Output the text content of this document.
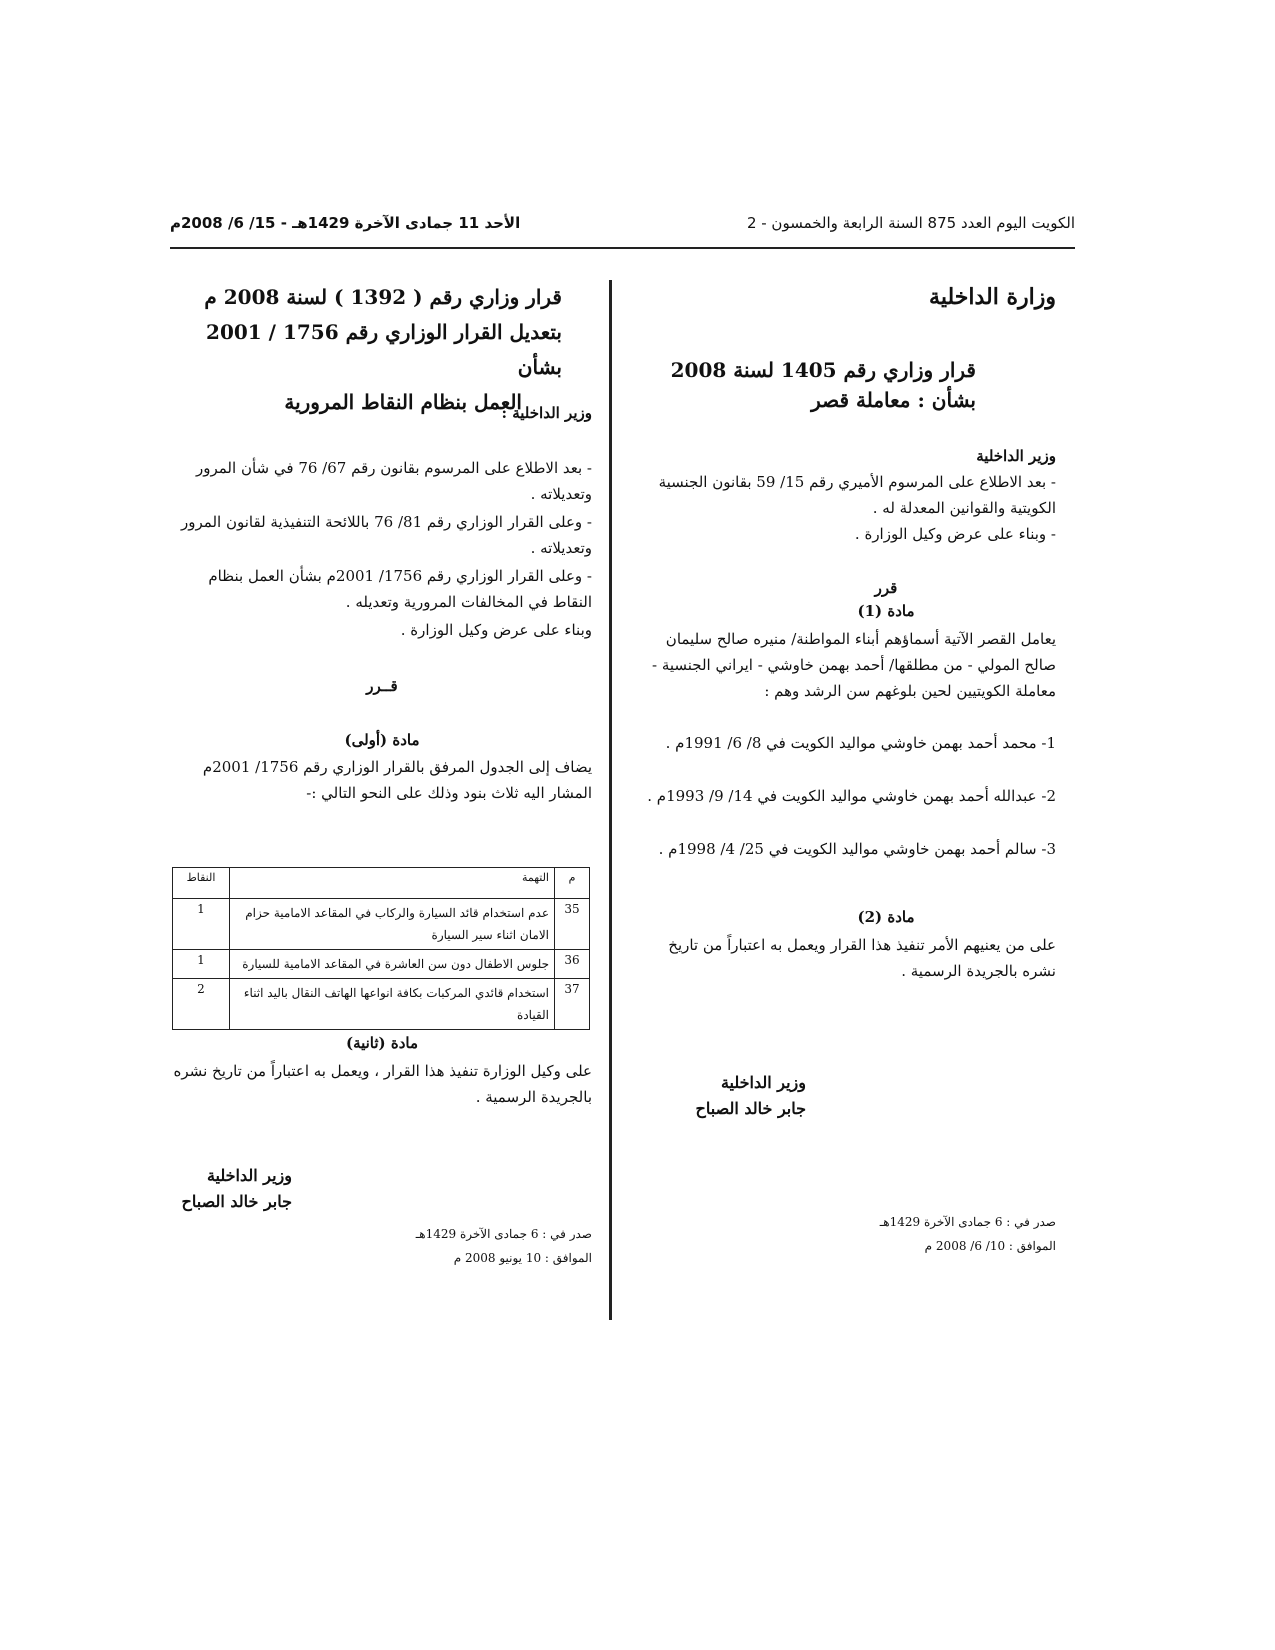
الكويت اليوم العدد 875 السنة الرابعة والخمسون - 2
الأحد 11 جمادى الآخرة 1429هـ - 15/ 6/ 2008م
وزارة الداخلية
قرار وزاري رقم 1405 لسنة 2008
بشأن : معاملة قصر
وزير الداخلية
- بعد الاطلاع على المرسوم الأميري رقم 15/ 59 بقانون الجنسية الكويتية والقوانين المعدلة له .
- وبناء على عرض وكيل الوزارة .
قرر
مادة (1)
يعامل القصر الآتية أسماؤهم أبناء المواطنة/ منيره صالح سليمان صالح المولي - من مطلقها/ أحمد بهمن خاوشي - ايراني الجنسية - معاملة الكويتيين لحين بلوغهم سن الرشد وهم :
1- محمد أحمد بهمن خاوشي مواليد الكويت في 8/ 6/ 1991م .
2- عبدالله أحمد بهمن خاوشي مواليد الكويت في 14/ 9/ 1993م .
3- سالم أحمد بهمن خاوشي مواليد الكويت في 25/ 4/ 1998م .
مادة (2)
على من يعنيهم الأمر تنفيذ هذا القرار ويعمل به اعتباراً من تاريخ نشره بالجريدة الرسمية .
وزير الداخلية
جابر خالد الصباح
صدر في : 6 جمادى الآخرة 1429هـ
الموافق : 10/ 6/ 2008 م
قرار وزاري رقم ( 1392 ) لسنة 2008 م
بتعديل القرار الوزاري رقم 1756 / 2001 بشأن
العمل بنظام النقاط المرورية
وزير الداخلية :
- بعد الاطلاع على المرسوم بقانون رقم 67/ 76 في شأن المرور وتعديلاته .
- وعلى القرار الوزاري رقم 81/ 76 باللائحة التنفيذية لقانون المرور وتعديلاته .
- وعلى القرار الوزاري رقم 1756/ 2001م بشأن العمل بنظام النقاط في المخالفات المرورية وتعديله .
وبناء على عرض وكيل الوزارة .
قــرر
مادة (أولى)
يضاف إلى الجدول المرفق بالقرار الوزاري رقم 1756/ 2001م المشار اليه ثلاث بنود وذلك على النحو التالي :-
م	التهمة	النقاط
35	عدم استخدام قائد السيارة والركاب في المقاعد الامامية حزام الامان اثناء سير السيارة	1
36	جلوس الاطفال دون سن العاشرة في المقاعد الامامية للسيارة	1
37	استخدام قائدي المركبات بكافة انواعها الهاتف النقال باليد اثناء القيادة	2
مادة (ثانية)
على وكيل الوزارة تنفيذ هذا القرار ، ويعمل به اعتباراً من تاريخ نشره بالجريدة الرسمية .
وزير الداخلية
جابر خالد الصباح
صدر في : 6 جمادى الآخرة 1429هـ
الموافق : 10 يونيو 2008 م
